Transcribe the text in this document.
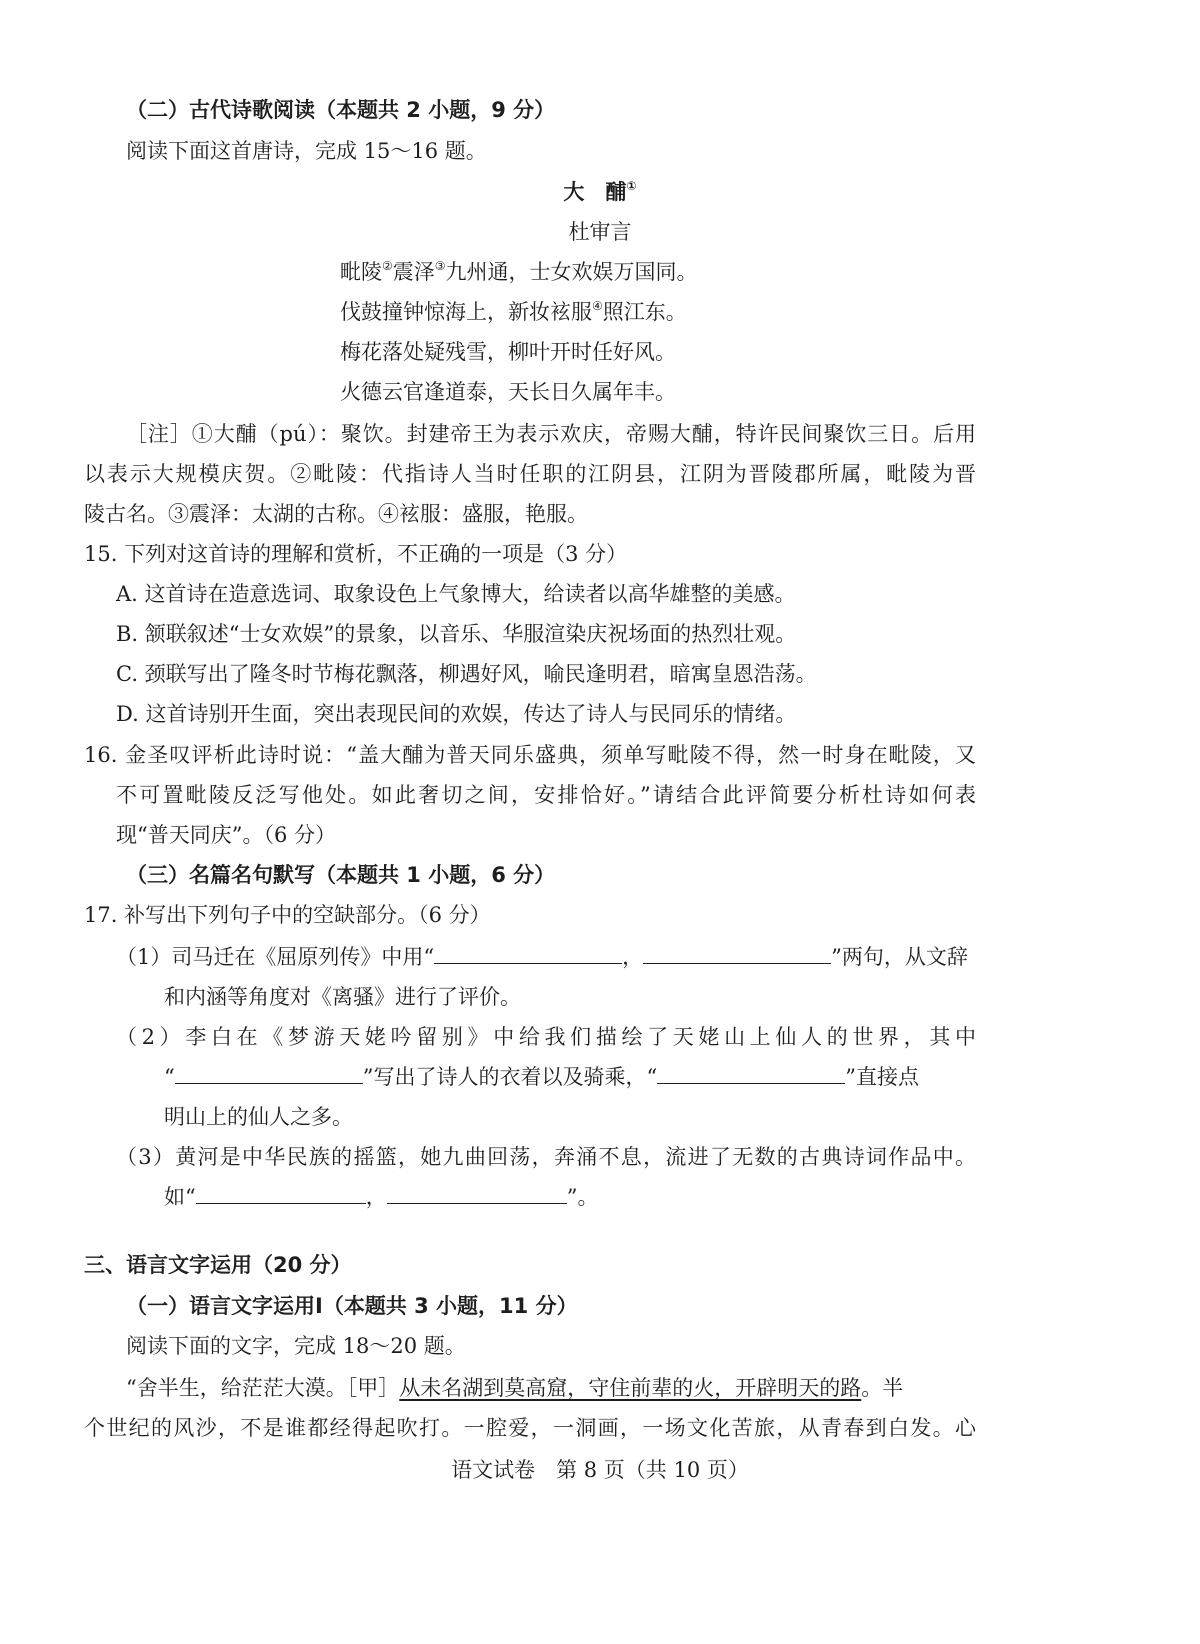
（二）古代诗歌阅读（本题共 2 小题，9 分）
阅读下面这首唐诗，完成 15～16 题。
大　酺①
杜审言
毗陵②震泽③九州通，士女欢娱万国同。
伐鼓撞钟惊海上，新妆袨服④照江东。
梅花落处疑残雪，柳叶开时任好风。
火德云官逢道泰，天长日久属年丰。
［注］①大酺（pú）：聚饮。封建帝王为表示欢庆，帝赐大酺，特许民间聚饮三日。后用
以表示大规模庆贺。②毗陵：代指诗人当时任职的江阴县，江阴为晋陵郡所属，毗陵为晋
陵古名。③震泽：太湖的古称。④袨服：盛服，艳服。
15. 下列对这首诗的理解和赏析，不正确的一项是（3 分）
A. 这首诗在造意选词、取象设色上气象博大，给读者以高华雄整的美感。
B. 颔联叙述“士女欢娱”的景象，以音乐、华服渲染庆祝场面的热烈壮观。
C. 颈联写出了隆冬时节梅花飘落，柳遇好风，喻民逢明君，暗寓皇恩浩荡。
D. 这首诗别开生面，突出表现民间的欢娱，传达了诗人与民同乐的情绪。
16. 金圣叹评析此诗时说：“盖大酺为普天同乐盛典，须单写毗陵不得，然一时身在毗陵，又
不可置毗陵反泛写他处。如此奢切之间，安排恰好。”请结合此评简要分析杜诗如何表
现“普天同庆”。（6 分）
（三）名篇名句默写（本题共 1 小题，6 分）
17. 补写出下列句子中的空缺部分。（6 分）
（1）司马迁在《屈原列传》中用“	，	”两句，从文辞
和内涵等角度对《离骚》进行了评价。
（2）李白在《梦游天姥吟留别》中给我们描绘了天姥山上仙人的世界，其中
“	”写出了诗人的衣着以及骑乘，“	”直接点
明山上的仙人之多。
（3）黄河是中华民族的摇篮，她九曲回荡，奔涌不息，流进了无数的古典诗词作品中。
如“	，	”。
三、语言文字运用（20 分）
（一）语言文字运用Ⅰ（本题共 3 小题，11 分）
阅读下面的文字，完成 18～20 题。
“舍半生，给茫茫大漠。［甲］从未名湖到莫高窟，守住前辈的火，开辟明天的路。半
个世纪的风沙，不是谁都经得起吹打。一腔爱，一洞画，一场文化苦旅，从青春到白发。心
语文试卷　第 8 页（共 10 页）
